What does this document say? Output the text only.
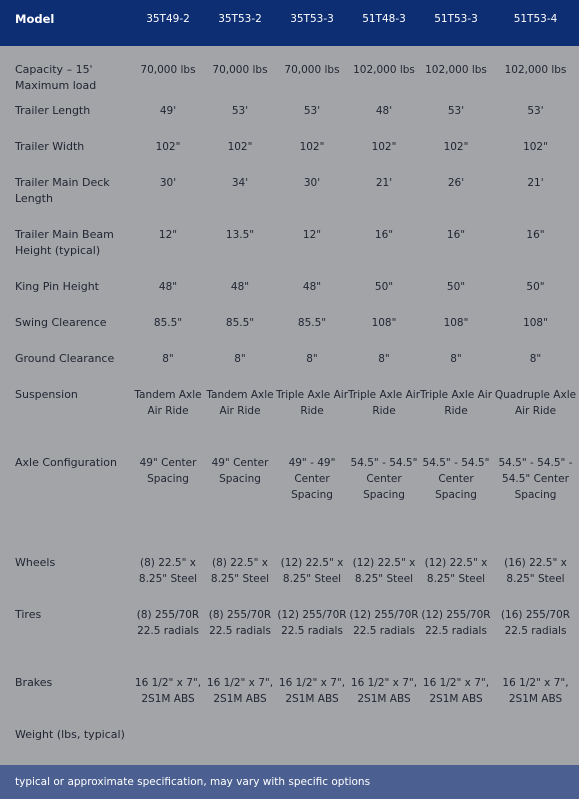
Model	35T49-2	35T53-2	35T53-3	51T48-3	51T53-3	51T53-4
Capacity – 15' Maximum load	70,000 lbs	70,000 lbs	70,000 lbs	102,000 lbs	102,000 lbs	102,000 lbs
Trailer Length	49'	53'	53'	48'	53'	53'
Trailer Width	102"	102"	102"	102"	102"	102"
Trailer Main Deck Length	30'	34'	30'	21'	26'	21'
Trailer Main Beam Height (typical)	12"	13.5"	12"	16"	16"	16"
King Pin Height	48"	48"	48"	50"	50"	50"
Swing Clearence	85.5"	85.5"	85.5"	108"	108"	108"
Ground Clearance	8"	8"	8"	8"	8"	8"
Suspension	Tandem Axle Air Ride	Tandem Axle Air Ride	Triple Axle Air Ride	Triple Axle Air Ride	Triple Axle Air Ride	Quadruple Axle Air Ride
Axle Configuration	49" Center Spacing	49" Center Spacing	49" - 49" Center Spacing	54.5" - 54.5" Center Spacing	54.5" - 54.5" Center Spacing	54.5" - 54.5" - 54.5" Center Spacing
Wheels	(8) 22.5" x 8.25" Steel	(8) 22.5" x 8.25" Steel	(12) 22.5" x 8.25" Steel	(12) 22.5" x 8.25" Steel	(12) 22.5" x 8.25" Steel	(16) 22.5" x 8.25" Steel
Tires	(8) 255/70R 22.5 radials	(8) 255/70R 22.5 radials	(12) 255/70R 22.5 radials	(12) 255/70R 22.5 radials	(12) 255/70R 22.5 radials	(16) 255/70R 22.5 radials
Brakes	16 1/2" x 7", 2S1M ABS	16 1/2" x 7", 2S1M ABS	16 1/2" x 7", 2S1M ABS	16 1/2" x 7", 2S1M ABS	16 1/2" x 7", 2S1M ABS	16 1/2" x 7", 2S1M ABS
Weight (lbs, typical)						
typical or approximate specification, may vary with specific options
